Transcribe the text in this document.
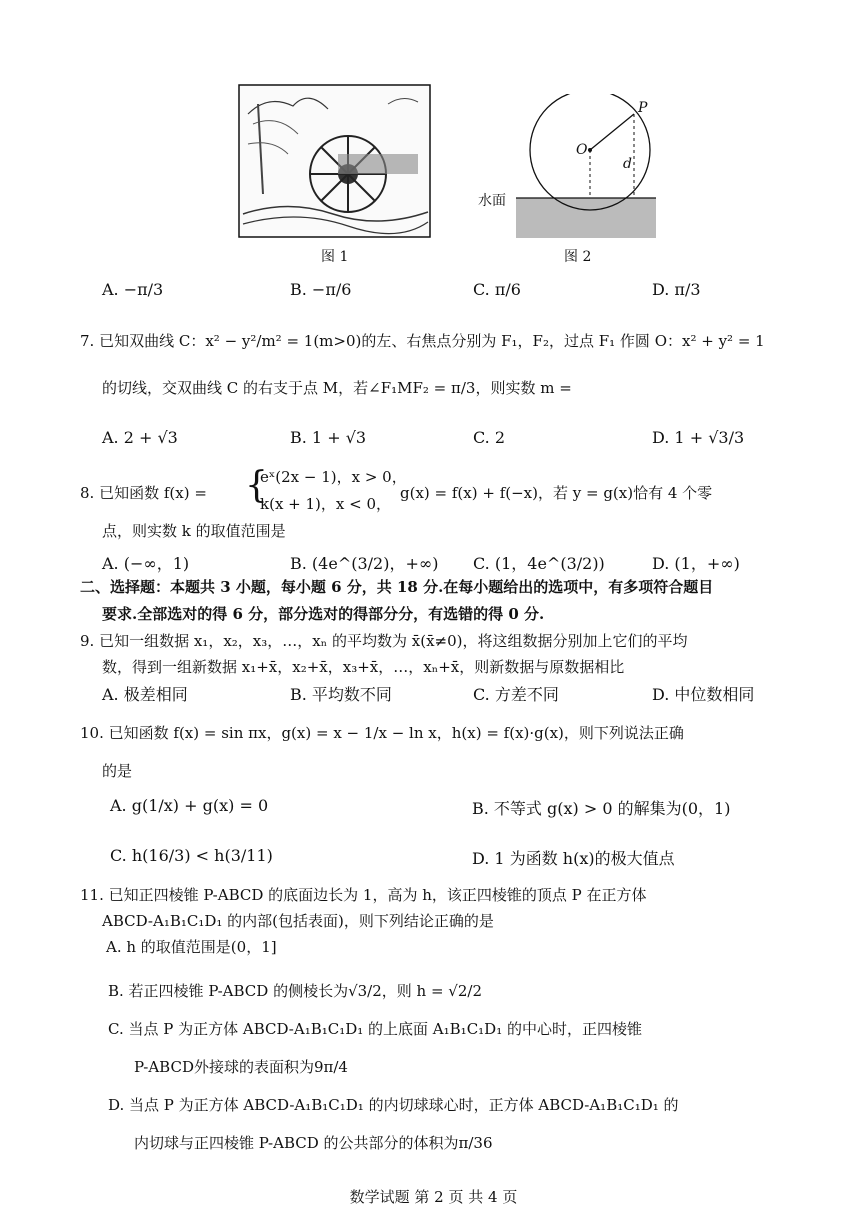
图 1
P
O
d
水面
图 2
A. −π/3	B. −π/6	C. π/6	D. π/3
7. 已知双曲线 C：x² − y²/m² = 1(m>0)的左、右焦点分别为 F₁，F₂，过点 F₁ 作圆 O：x² + y² = 1
的切线，交双曲线 C 的右支于点 M，若∠F₁MF₂ = π/3，则实数 m =
A. 2 + √3	B. 1 + √3	C. 2	D. 1 + √3/3
8. 已知函数 f(x) = {
eˣ(2x − 1)，x > 0，
k(x + 1)，x < 0，
g(x) = f(x) + f(−x)，若 y = g(x)恰有 4 个零
点，则实数 k 的取值范围是
A. (−∞，1)	B. (4e^(3/2)，+∞) C. (1，4e^(3/2))	D. (1，+∞)
二、选择题：本题共 3 小题，每小题 6 分，共 18 分.在每小题给出的选项中，有多项符合题目
要求.全部选对的得 6 分，部分选对的得部分分，有选错的得 0 分.
9. 已知一组数据 x₁，x₂，x₃，…，xₙ 的平均数为 x̄(x̄≠0)，将这组数据分别加上它们的平均
数，得到一组新数据 x₁+x̄，x₂+x̄，x₃+x̄，…，xₙ+x̄，则新数据与原数据相比
A. 极差相同	B. 平均数不同	C. 方差不同	D. 中位数相同
10. 已知函数 f(x) = sin πx，g(x) = x − 1/x − ln x，h(x) = f(x)·g(x)，则下列说法正确
的是
A. g(1/x) + g(x) = 0	B. 不等式 g(x) > 0 的解集为(0，1)
C. h(16/3) < h(3/11)	D. 1 为函数 h(x)的极大值点
11. 已知正四棱锥 P-ABCD 的底面边长为 1，高为 h，该正四棱锥的顶点 P 在正方体
ABCD-A₁B₁C₁D₁ 的内部(包括表面)，则下列结论正确的是
A. h 的取值范围是(0，1]
B. 若正四棱锥 P-ABCD 的侧棱长为√3/2，则 h = √2/2
C. 当点 P 为正方体 ABCD-A₁B₁C₁D₁ 的上底面 A₁B₁C₁D₁ 的中心时，正四棱锥
P-ABCD外接球的表面积为9π/4
D. 当点 P 为正方体 ABCD-A₁B₁C₁D₁ 的内切球球心时，正方体 ABCD-A₁B₁C₁D₁ 的
内切球与正四棱锥 P-ABCD 的公共部分的体积为π/36
数学试题 第 2 页 共 4 页
